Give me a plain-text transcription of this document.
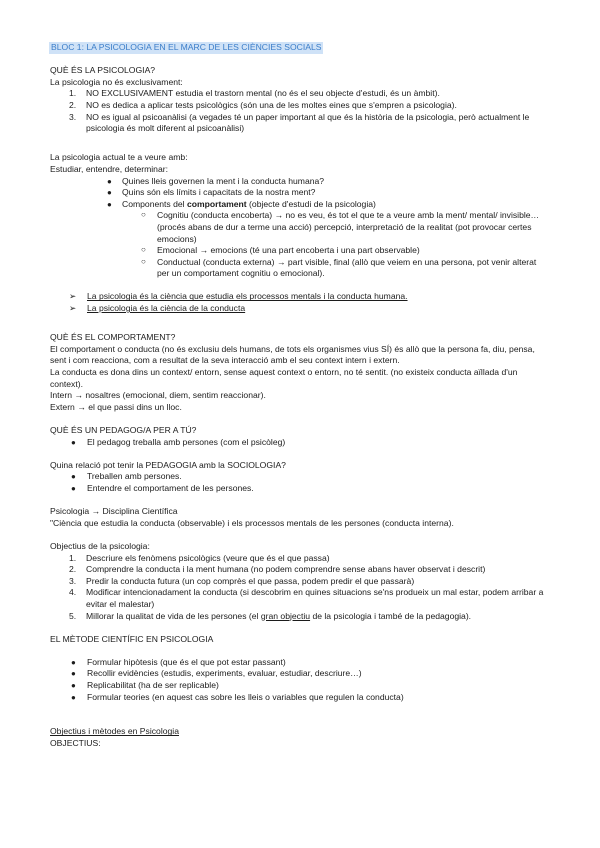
BLOC 1: LA PSICOLOGIA EN EL MARC DE LES CIÈNCIES SOCIALS

QUÈ ÉS LA PSICOLOGIA?

La psicologia no és exclusivament:

1. NO EXCLUSIVAMENT estudia el trastorn mental (no és el seu objecte d'estudi, és un àmbit).
2. NO es dedica a aplicar tests psicològics (són una de les moltes eines que s'empren a psicologia).
3. NO es igual al psicoanàlisi (a vegades té un paper important al que és la història de la psicologia, però actualment le psicologia és molt diferent al psicoanàlisi)

La psicologia actual te a veure amb:

Estudiar, entendre, determinar:

● Quines lleis governen la ment i la conducta humana?
● Quins són els límits i capacitats de la nostra ment?
● Components del comportament (objecte d'estudi de la psicologia)
○ Cognitiu (conducta encoberta) → no es veu, és tot el que te a veure amb la ment/ mental/ invisible… (procés abans de dur a terme una acció) percepció, interpretació de la realitat (pot provocar certes emocions)
○ Emocional → emocions (té una part encoberta i una part observable)
○ Conductual (conducta externa) → part visible, final (allò que veiem en una persona, pot venir alterat per un comportament cognitiu o emocional).
➢ La psicologia és la ciència que estudia els processos mentals i la conducta humana.
➢ La psicologia és la ciència de la conducta

QUÈ ÉS EL COMPORTAMENT?

El comportament o conducta (no és exclusiu dels humans, de tots els organismes vius SÍ) és allò que la persona fa, diu, pensa, sent i com reacciona, com a resultat de la seva interacció amb el seu context intern i extern.

La conducta es dona dins un context/ entorn, sense aquest context o entorn, no té sentit. (no existeix conducta aïllada d'un context).

Intern → nosaltres (emocional, diem, sentim reaccionar).

Extern → el que passi dins un lloc.

QUÈ ÉS UN PEDAGOG/A PER A TÚ?

● El pedagog treballa amb persones (com el psicòleg)

Quina relació pot tenir la PEDAGOGIA amb la SOCIOLOGIA?

● Treballen amb persones.
● Entendre el comportament de les persones.

Psicologia → Disciplina Científica

"Ciència que estudia la conducta (observable) i els processos mentals de les persones (conducta interna).

Objectius de la psicologia:

1. Descriure els fenòmens psicològics (veure que és el que passa)
2. Comprendre la conducta i la ment humana (no podem comprendre sense abans haver observat i descrit)
3. Predir la conducta futura (un cop comprès el que passa, podem predir el que passarà)
4. Modificar intencionadament la conducta (si descobrim en quines situacions se'ns produeix un mal estar, podem arribar a evitar el malestar)
5. Millorar la qualitat de vida de les persones (el gran objectiu de la psicologia i també de la pedagogia).

EL MÈTODE CIENTÍFIC EN PSICOLOGIA

● Formular hipòtesis (que és el que pot estar passant)
● Recollir evidències (estudis, experiments, evaluar, estudiar, descriure…)
● Replicabilitat (ha de ser replicable)
● Formular teories (en aquest cas sobre les lleis o variables que regulen la conducta)

Objectius i mètodes en Psicologia

OBJECTIUS:
